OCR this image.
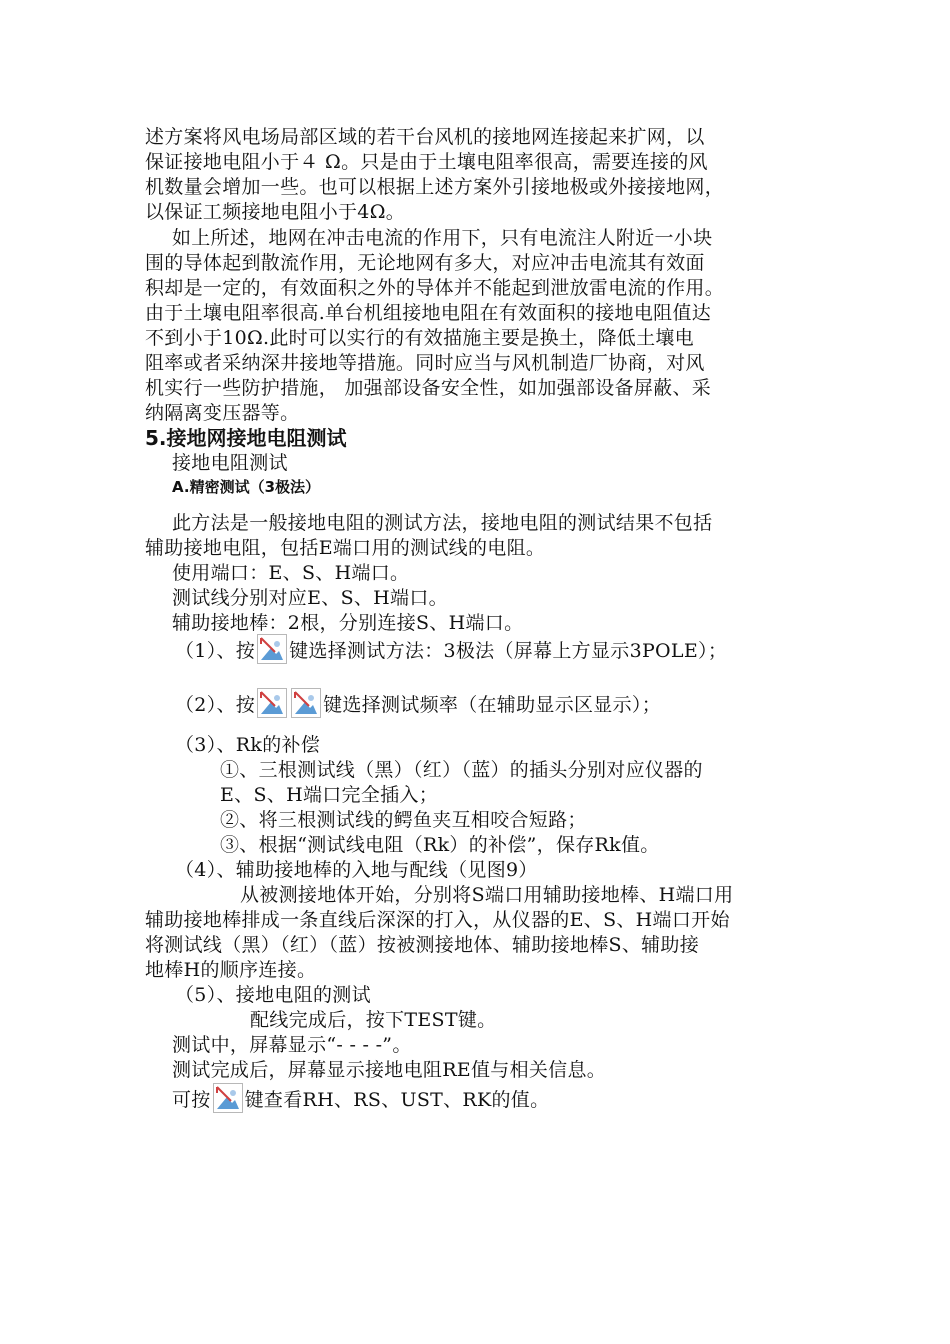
述方案将风电场局部区域的若干台风机的接地网连接起来扩网，以
保证接地电阻小于４ Ω。只是由于土壤电阻率很高，需要连接的风
机数量会增加一些。也可以根据上述方案外引接地极或外接接地网，
以保证工频接地电阻小于4Ω。
如上所述，地网在冲击电流的作用下，只有电流注人附近一小块
围的导体起到散流作用，无论地网有多大，对应冲击电流其有效面
积却是一定的，有效面积之外的导体并不能起到泄放雷电流的作用。
由于土壤电阻率很高.单台机组接地电阻在有效面积的接地电阻值达
不到小于10Ω.此时可以实行的有效描施主要是换土，降低土壤电
阻率或者采纳深井接地等措施。同时应当与风机制造厂协商，对风
机实行一些防护措施， 加强部设备安全性，如加强部设备屏蔽、采
纳隔离变压器等。
5.接地网接地电阻测试
接地电阻测试
A.精密测试（3极法）
此方法是一般接地电阻的测试方法，接地电阻的测试结果不包括
辅助接地电阻，包括E端口用的测试线的电阻。
使用端口：E、S、H端口。
测试线分别对应E、S、H端口。
辅助接地棒：2根，分别连接S、H端口。
（1）、按 键选择测试方法：3极法（屏幕上方显示3POLE）；
（2）、按	键选择测试频率（在辅助显示区显示）；
（3）、Rk的补偿
①、三根测试线（黑）（红）（蓝）的插头分别对应仪器的
E、S、H端口完全插入；
②、将三根测试线的鳄鱼夹互相咬合短路；
③、根据“测试线电阻（Rk）的补偿”，保存Rk值。
（4）、辅助接地棒的入地与配线（见图9）
从被测接地体开始，分别将S端口用辅助接地棒、H端口用
辅助接地棒排成一条直线后深深的打入，从仪器的E、S、H端口开始
将测试线（黑）（红）（蓝）按被测接地体、辅助接地棒S、辅助接
地棒H的顺序连接。
（5）、接地电阻的测试
配线完成后，按下TEST键。
测试中，屏幕显示“- - - -”。
测试完成后，屏幕显示接地电阻RE值与相关信息。
可按 键查看RH、RS、UST、RK的值。
